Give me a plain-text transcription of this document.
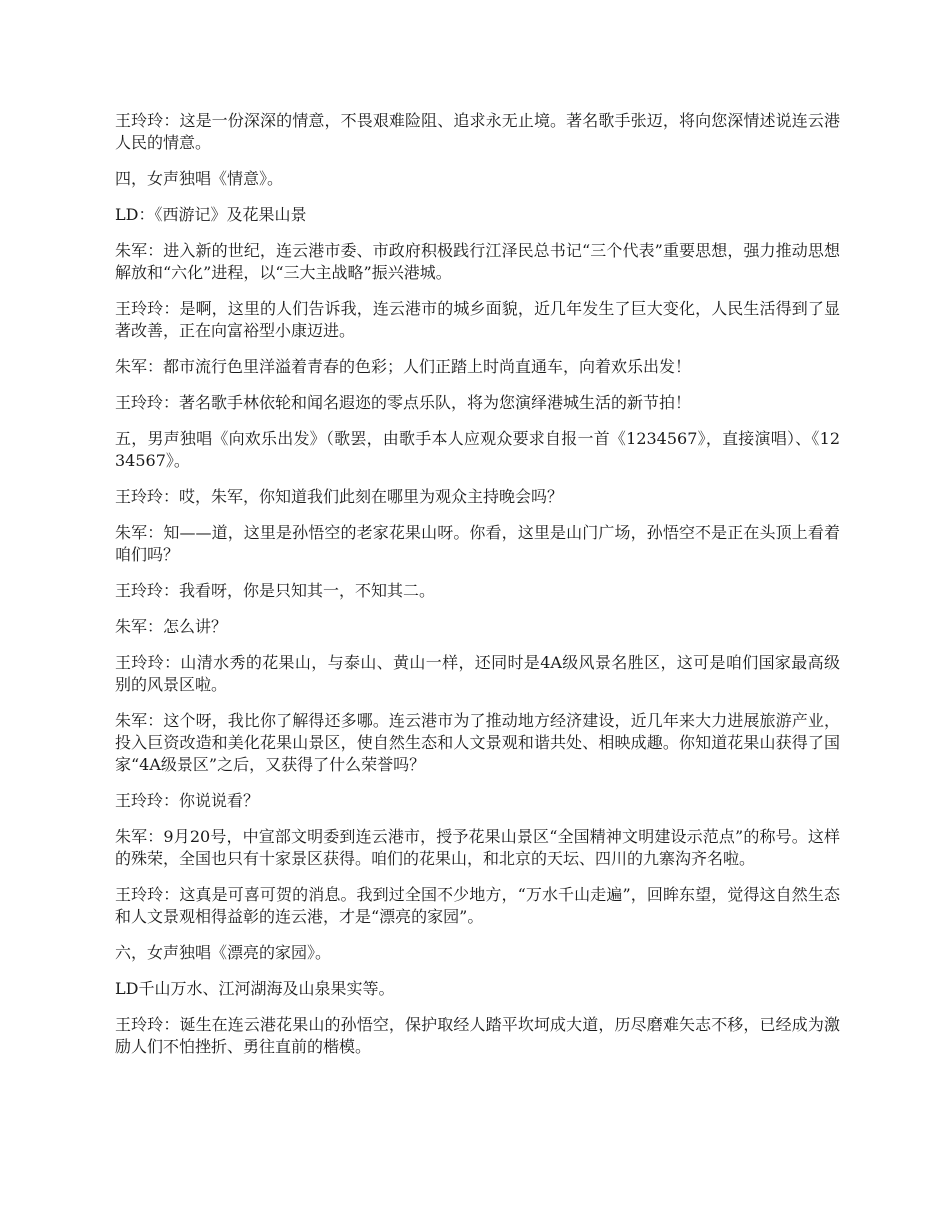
王玲玲：这是一份深深的情意，不畏艰难险阻、追求永无止境。著名歌手张迈，将向您深情述说连云港人民的情意。

四，女声独唱《情意》。

LD：《西游记》及花果山景

朱军：进入新的世纪，连云港市委、市政府积极践行江泽民总书记“三个代表”重要思想，强力推动思想解放和“六化”进程，以“三大主战略”振兴港城。

王玲玲：是啊，这里的人们告诉我，连云港市的城乡面貌，近几年发生了巨大变化，人民生活得到了显著改善，正在向富裕型小康迈进。

朱军：都市流行色里洋溢着青春的色彩；人们正踏上时尚直通车，向着欢乐出发！

王玲玲：著名歌手林依轮和闻名遐迩的零点乐队，将为您演绎港城生活的新节拍！

五，男声独唱《向欢乐出发》（歌罢，由歌手本人应观众要求自报一首《1234567》，直接演唱）、《1234567》。

王玲玲：哎，朱军，你知道我们此刻在哪里为观众主持晚会吗？

朱军：知——道，这里是孙悟空的老家花果山呀。你看，这里是山门广场，孙悟空不是正在头顶上看着咱们吗？

王玲玲：我看呀，你是只知其一，不知其二。

朱军：怎么讲？

王玲玲：山清水秀的花果山，与泰山、黄山一样，还同时是4A级风景名胜区，这可是咱们国家最高级别的风景区啦。

朱军：这个呀，我比你了解得还多哪。连云港市为了推动地方经济建设，近几年来大力进展旅游产业，投入巨资改造和美化花果山景区，使自然生态和人文景观和谐共处、相映成趣。你知道花果山获得了国家“4A级景区”之后，又获得了什么荣誉吗？

王玲玲：你说说看？

朱军：9月20号，中宣部文明委到连云港市，授予花果山景区“全国精神文明建设示范点”的称号。这样的殊荣，全国也只有十家景区获得。咱们的花果山，和北京的天坛、四川的九寨沟齐名啦。

王玲玲：这真是可喜可贺的消息。我到过全国不少地方，“万水千山走遍”，回眸东望，觉得这自然生态和人文景观相得益彰的连云港，才是“漂亮的家园”。

六，女声独唱《漂亮的家园》。

LD千山万水、江河湖海及山泉果实等。

王玲玲：诞生在连云港花果山的孙悟空，保护取经人踏平坎坷成大道，历尽磨难矢志不移，已经成为激励人们不怕挫折、勇往直前的楷模。
